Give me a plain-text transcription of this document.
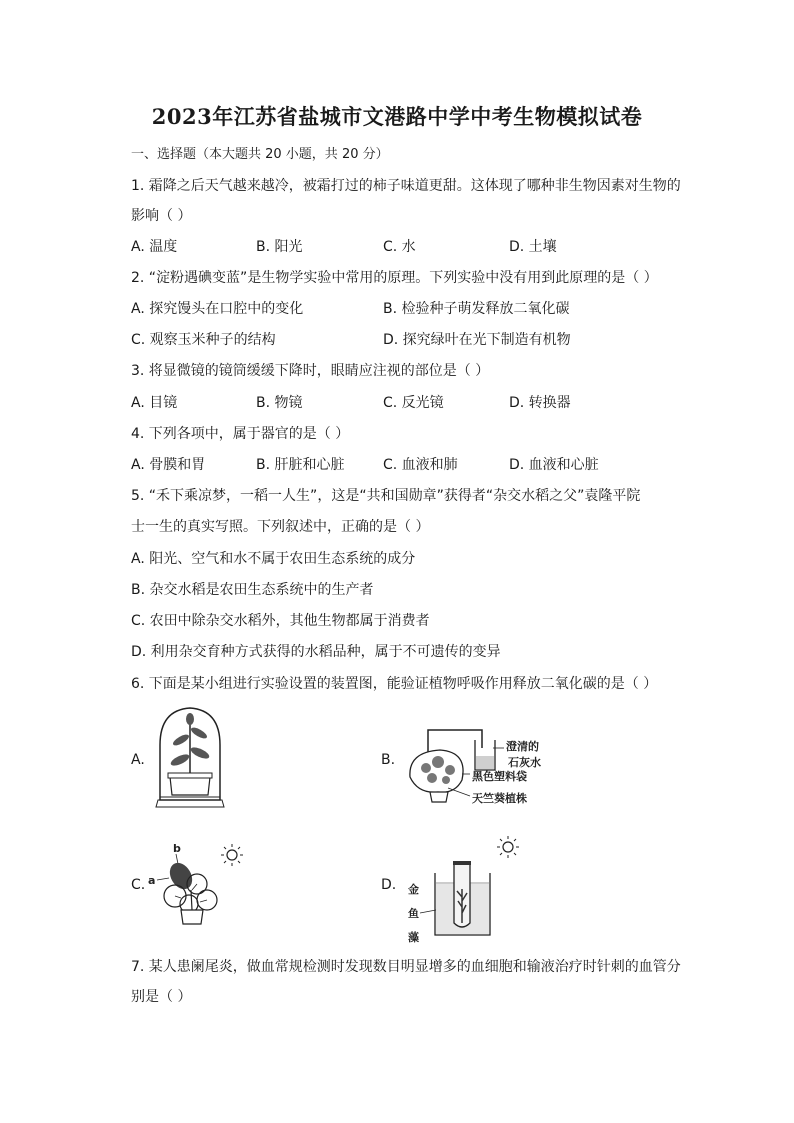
2023年江苏省盐城市文港路中学中考生物模拟试卷
一、选择题（本大题共 20 小题，共 20 分）
1. 霜降之后天气越来越冷，被霜打过的柿子味道更甜。这体现了哪种非生物因素对生物的
影响（ ）
A. 温度	B. 阳光	C. 水	D. 土壤
2. “淀粉遇碘变蓝”是生物学实验中常用的原理。下列实验中没有用到此原理的是（ ）
A. 探究馒头在口腔中的变化	B. 检验种子萌发释放二氧化碳
C. 观察玉米种子的结构	D. 探究绿叶在光下制造有机物
3. 将显微镜的镜筒缓缓下降时，眼睛应注视的部位是（ ）
A. 目镜	B. 物镜	C. 反光镜	D. 转换器
4. 下列各项中，属于器官的是（ ）
A. 骨膜和胃	B. 肝脏和心脏	C. 血液和肺	D. 血液和心脏
5. “禾下乘凉梦，一稻一人生”，这是“共和国勋章”获得者“杂交水稻之父”袁隆平院
士一生的真实写照。下列叙述中，正确的是（ ）
A. 阳光、空气和水不属于农田生态系统的成分
B. 杂交水稻是农田生态系统中的生产者
C. 农田中除杂交水稻外，其他生物都属于消费者
D. 利用杂交育种方式获得的水稻品种，属于不可遗传的变异
6. 下面是某小组进行实验设置的装置图，能验证植物呼吸作用释放二氧化碳的是（ ）
A.	B.
C.	D.
澄清的
石灰水
黑色塑料袋
天竺葵植株
b
a
金
鱼
藻
7. 某人患阑尾炎，做血常规检测时发现数目明显增多的血细胞和输液治疗时针刺的血管分
别是（ ）
